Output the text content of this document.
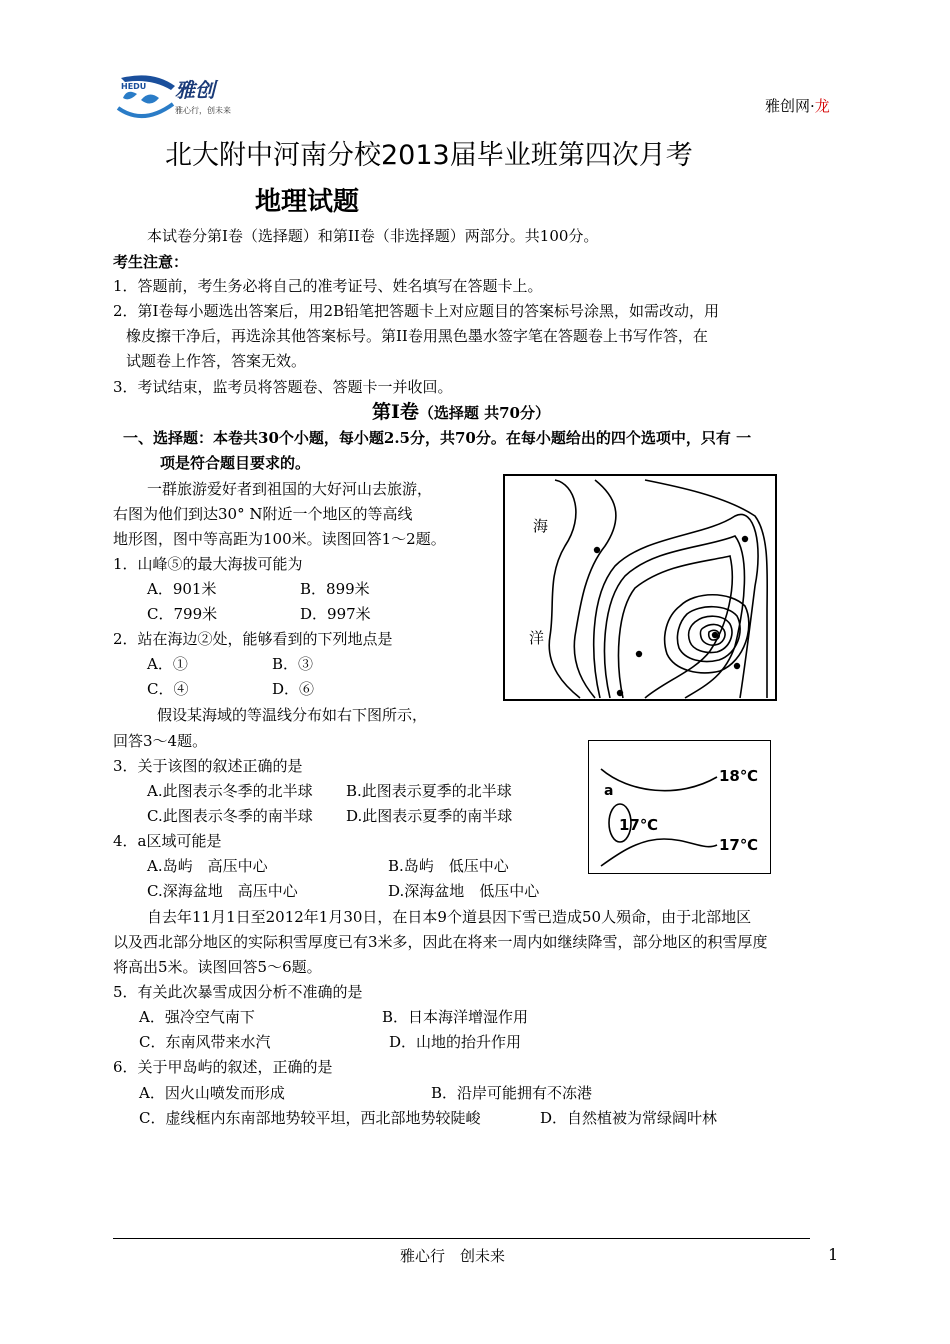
HEDU 雅创
雅心行，创未来	雅创网·龙
北大附中河南分校2013届毕业班第四次月考
地理试题
本试卷分第I卷（选择题）和第II卷（非选择题）两部分。共100分。
考生注意：
1．答题前，考生务必将自己的准考证号、姓名填写在答题卡上。
2．第I卷每小题选出答案后，用2B铅笔把答题卡上对应题目的答案标号涂黑，如需改动，用
橡皮擦干净后，再选涂其他答案标号。第II卷用黑色墨水签字笔在答题卷上书写作答，在
试题卷上作答，答案无效。
3．考试结束，监考员将答题卷、答题卡一并收回。
第Ⅰ卷（选择题 共70分）
一、选择题：本卷共30个小题，每小题2.5分，共70分。在每小题给出的四个选项中，只有 一
项是符合题目要求的。
一群旅游爱好者到祖国的大好河山去旅游，
右图为他们到达30° N附近一个地区的等高线
地形图，图中等高距为100米。读图回答1～2题。
1．山峰⑤的最大海拔可能为
A．901米	B．899米
C．799米	D．997米
2．站在海边②处，能够看到的下列地点是
A．①	B．③
C．④	D．⑥
海
洋
假设某海域的等温线分布如右下图所示，
回答3～4题。
3．关于该图的叙述正确的是
A.此图表示冬季的北半球 B.此图表示夏季的北半球
C.此图表示冬季的南半球 D.此图表示夏季的南半球
4．a区域可能是
A.岛屿　高压中心	B.岛屿　低压中心
C.深海盆地　高压中心	D.深海盆地　低压中心
18℃
a
17℃
17℃
自去年11月1日至2012年1月30日，在日本9个道县因下雪已造成50人殒命，由于北部地区
以及西北部分地区的实际积雪厚度已有3米多，因此在将来一周内如继续降雪，部分地区的积雪厚度
将高出5米。读图回答5～6题。
5．有关此次暴雪成因分析不准确的是
A．强冷空气南下	B．日本海洋增湿作用
C．东南风带来水汽	D．山地的抬升作用
6．关于甲岛屿的叙述，正确的是
A．因火山喷发而形成	B．沿岸可能拥有不冻港
C．虚线框内东南部地势较平坦，西北部地势较陡峻	D．自然植被为常绿阔叶林
雅心行　创未来	1
